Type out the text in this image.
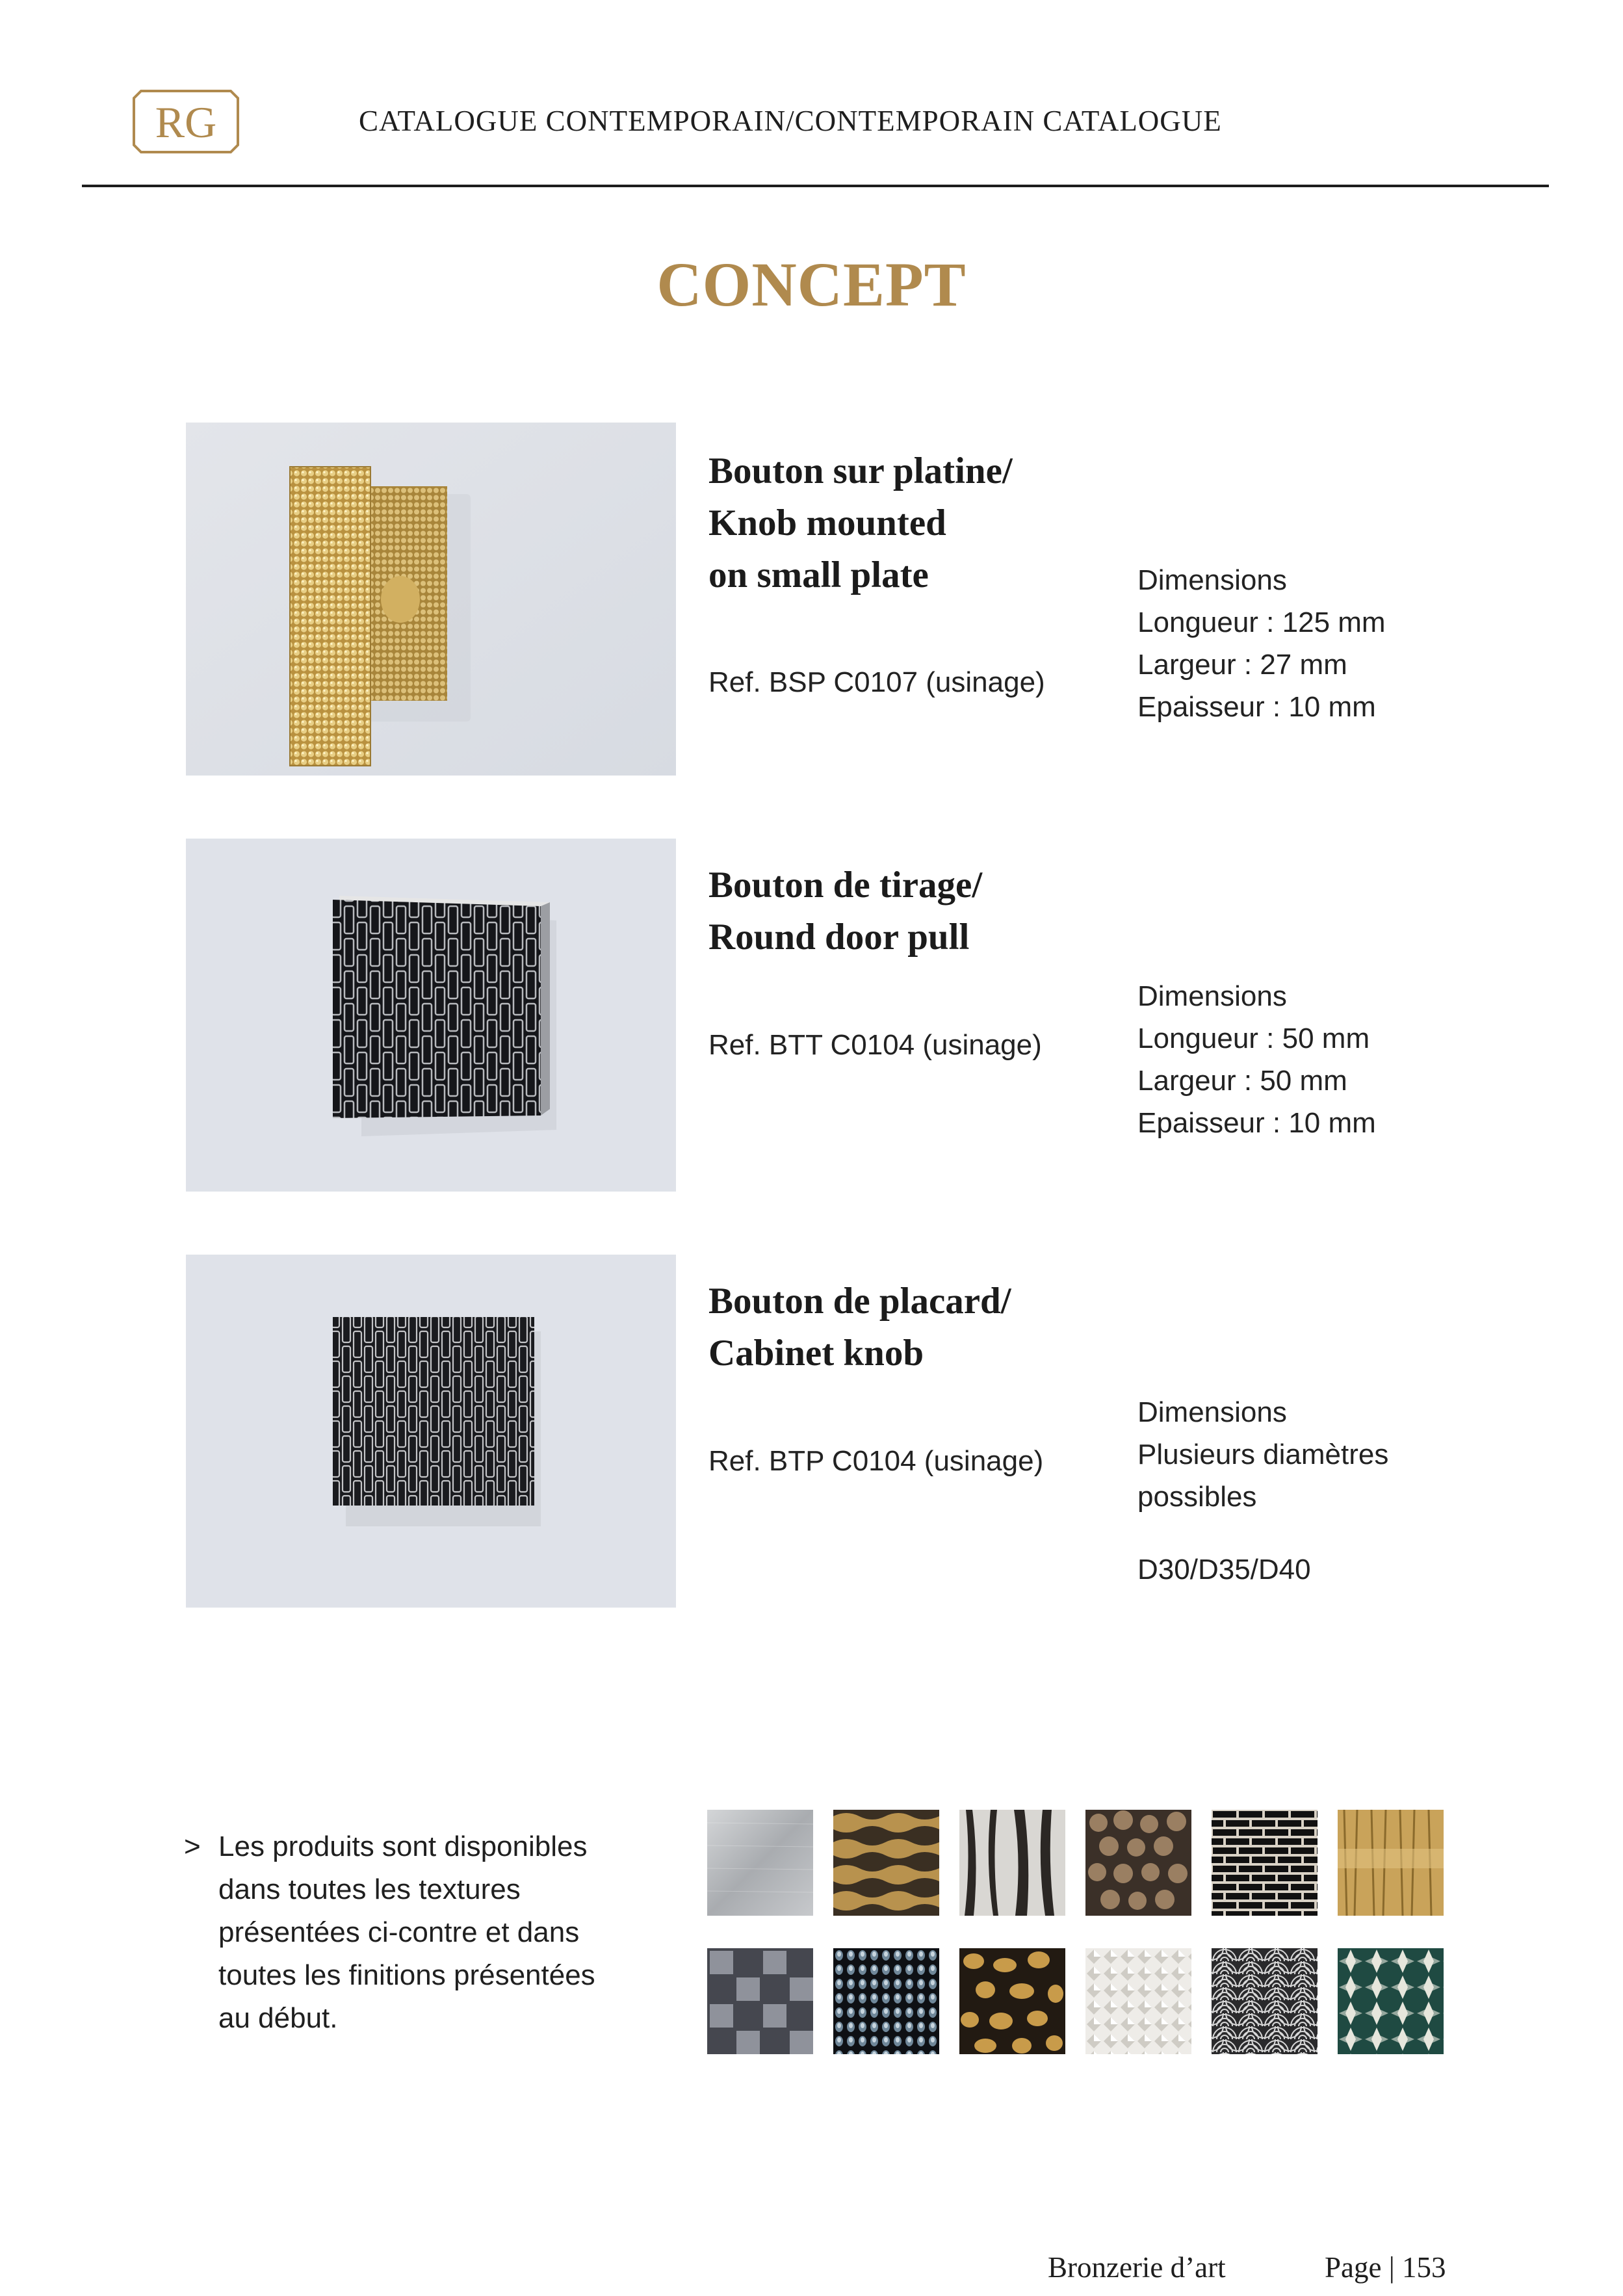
RG	CATALOGUE CONTEMPORAIN/CONTEMPORAIN CATALOGUE
CONCEPT
Bouton sur platine/
Knob mounted
on small plate
Ref. BSP C0107 (usinage)
Dimensions
Longueur : 125 mm
Largeur : 27 mm
Epaisseur : 10 mm
Bouton de tirage/
Round door pull
Ref. BTT C0104 (usinage)
Dimensions
Longueur : 50 mm
Largeur : 50 mm
Epaisseur : 10 mm
Bouton de placard/
Cabinet knob
Ref. BTP C0104 (usinage)
Dimensions
Plusieurs diamètres
possibles
D30/D35/D40
> Les produits sont disponibles
dans toutes les textures
présentées ci-contre et dans
toutes les finitions présentées
au début.
Bronzerie d’art	Page | 153
